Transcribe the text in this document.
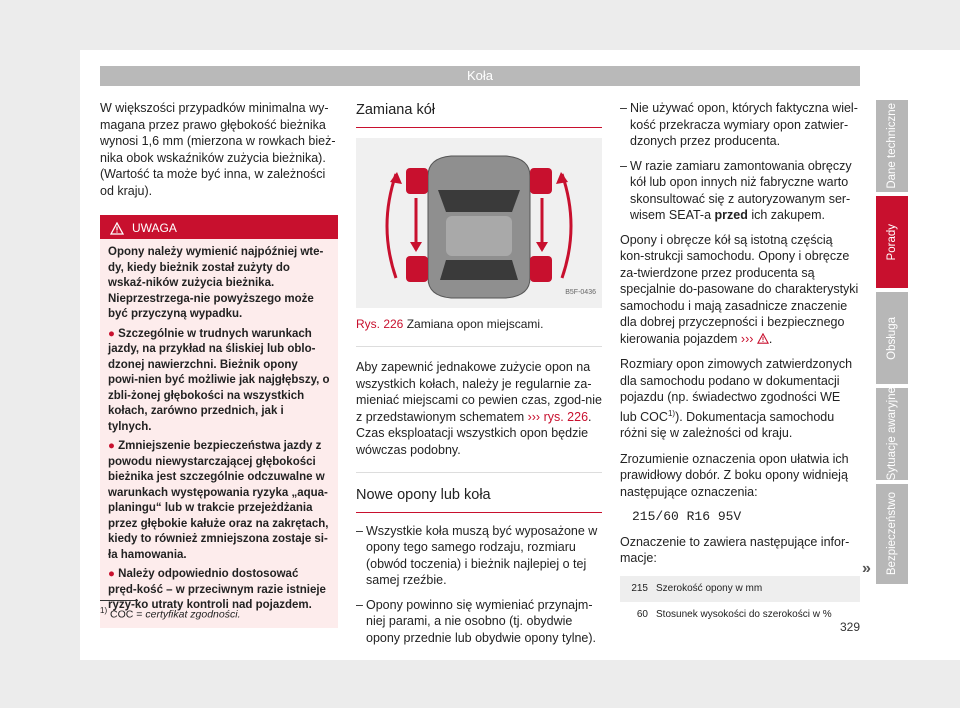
Koła

W większości przypadków minimalna wy-magana przez prawo głębokość bieżnika wynosi 1,6 mm (mierzona w rowkach bież-nika obok wskaźników zużycia bieżnika). (Wartość ta może być inna, w zależności od kraju).

UWAGA

Opony należy wymienić najpóźniej wte-dy, kiedy bieżnik został zużyty do wskaź-ników zużycia bieżnika. Nieprzestrzega-nie powyższego może być przyczyną wypadku.

● Szczególnie w trudnych warunkach jazdy, na przykład na śliskiej lub oblo-dzonej nawierzchni. Bieżnik opony powi-nien być możliwie jak najgłębszy, o zbli-żonej głębokości na wszystkich kołach, zarówno przednich, jak i tylnych.

● Zmniejszenie bezpieczeństwa jazdy z powodu niewystarczającej głębokości bieżnika jest szczególnie odczuwalne w warunkach występowania ryzyka „aqua-planingu“ lub w trakcie przejeżdżania przez głębokie kałuże oraz na zakrętach, kiedy to również zmniejszona zostaje si-ła hamowania.

● Należy odpowiednio dostosować pręd-kość – w przeciwnym razie istnieje ryzy-ko utraty kontroli nad pojazdem.

Zamiana kół
B5F-0436
Rys. 226 Zamiana opon miejscami.

Aby zapewnić jednakowe zużycie opon na wszystkich kołach, należy je regularnie za-mieniać miejscami co pewien czas, zgod-nie z przedstawionym schematem ››› rys. 226. Czas eksploatacji wszystkich opon będzie wówczas podobny.

Nowe opony lub koła
– Wszystkie koła muszą być wyposażone w opony tego samego rodzaju, rozmiaru (obwód toczenia) i bieżnik najlepiej o tej samej rzeźbie.
– Opony powinno się wymieniać przynajm-niej parami, a nie osobno (tj. obydwie opony przednie lub obydwie opony tylne).
– Nie używać opon, których faktyczna wiel-kość przekracza wymiary opon zatwier-dzonych przez producenta.
– W razie zamiaru zamontowania obręczy kół lub opon innych niż fabryczne warto skonsultować się z autoryzowanym ser-wisem SEAT-a przed ich zakupem.

Opony i obręcze kół są istotną częścią kon-strukcji samochodu. Opony i obręcze za-twierdzone przez producenta są specjalnie do-pasowane do charakterystyki samochodu i mają zasadnicze znaczenie dla dobrej przyczepności i bezpiecznego kierowania pojazdem ››› .

Rozmiary opon zimowych zatwierdzonych dla samochodu podano w dokumentacji pojazdu (np. świadectwo zgodności WE lub COC$^{1)}$). Dokumentacja samochodu różni się w zależności od kraju.

Zrozumienie oznaczenia opon ułatwia ich prawidłowy dobór. Z boku opony widnieją następujące oznaczenia:

215/60 R16 95V

Oznaczenie to zawiera następujące infor-macje:

215	Szerokość opony w mm
60	Stosunek wysokości do szerokości w %
»
Dane techniczne
Porady
Obsługa
Sytuacje awaryjne
Bezpieczeństwo
$^{1)}$ COC = certyfikat zgodności.
329
